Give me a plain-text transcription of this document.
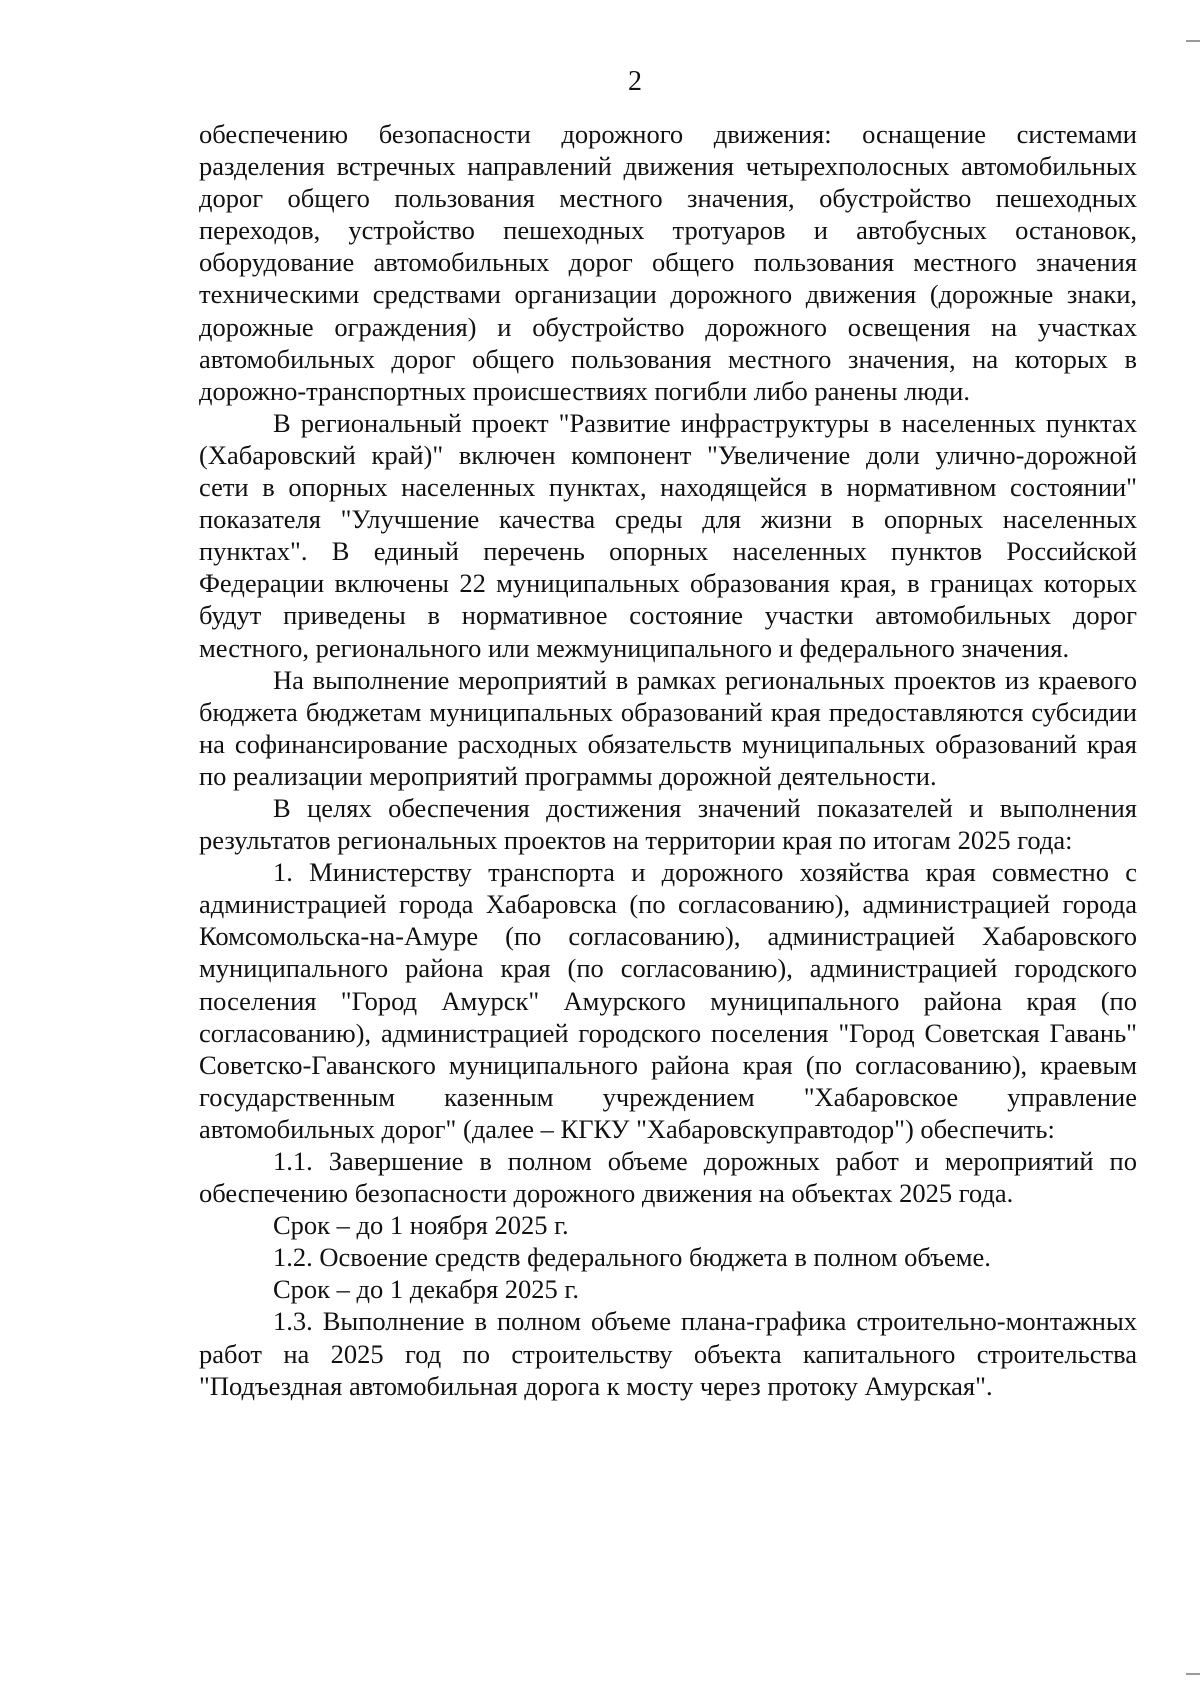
2

обеспечению безопасности дорожного движения: оснащение системами разделения встречных направлений движения четырехполосных автомобильных дорог общего пользования местного значения, обустройство пешеходных переходов, устройство пешеходных тротуаров и автобусных остановок, оборудование автомобильных дорог общего пользования местного значения техническими средствами организации дорожного движения (дорожные знаки, дорожные ограждения) и обустройство дорожного освещения на участках автомобильных дорог общего пользования местного значения, на которых в дорожно-транспортных происшествиях погибли либо ранены люди.

В региональный проект "Развитие инфраструктуры в населенных пунктах (Хабаровский край)" включен компонент "Увеличение доли улично-дорожной сети в опорных населенных пунктах, находящейся в нормативном состоянии" показателя "Улучшение качества среды для жизни в опорных населенных пунктах". В единый перечень опорных населенных пунктов Российской Федерации включены 22 муниципальных образования края, в границах которых будут приведены в нормативное состояние участки автомобильных дорог местного, регионального или межмуниципального и федерального значения.

На выполнение мероприятий в рамках региональных проектов из краевого бюджета бюджетам муниципальных образований края предоставляются субсидии на софинансирование расходных обязательств муниципальных образований края по реализации мероприятий программы дорожной деятельности.

В целях обеспечения достижения значений показателей и выполнения результатов региональных проектов на территории края по итогам 2025 года:

1. Министерству транспорта и дорожного хозяйства края совместно с администрацией города Хабаровска (по согласованию), администрацией города Комсомольска-на-Амуре (по согласованию), администрацией Хабаровского муниципального района края (по согласованию), администрацией городского поселения "Город Амурск" Амурского муниципального района края (по согласованию), администрацией городского поселения "Город Советская Гавань" Советско-Гаванского муниципального района края (по согласованию), краевым государственным казенным учреждением "Хабаровское управление автомобильных дорог" (далее – КГКУ "Хабаровскуправтодор") обеспечить:

1.1. Завершение в полном объеме дорожных работ и мероприятий по обеспечению безопасности дорожного движения на объектах 2025 года.

Срок – до 1 ноября 2025 г.

1.2. Освоение средств федерального бюджета в полном объеме.

Срок – до 1 декабря 2025 г.

1.3. Выполнение в полном объеме плана-графика строительно-монтажных работ на 2025 год по строительству объекта капитального строительства "Подъездная автомобильная дорога к мосту через протоку Амурская".
